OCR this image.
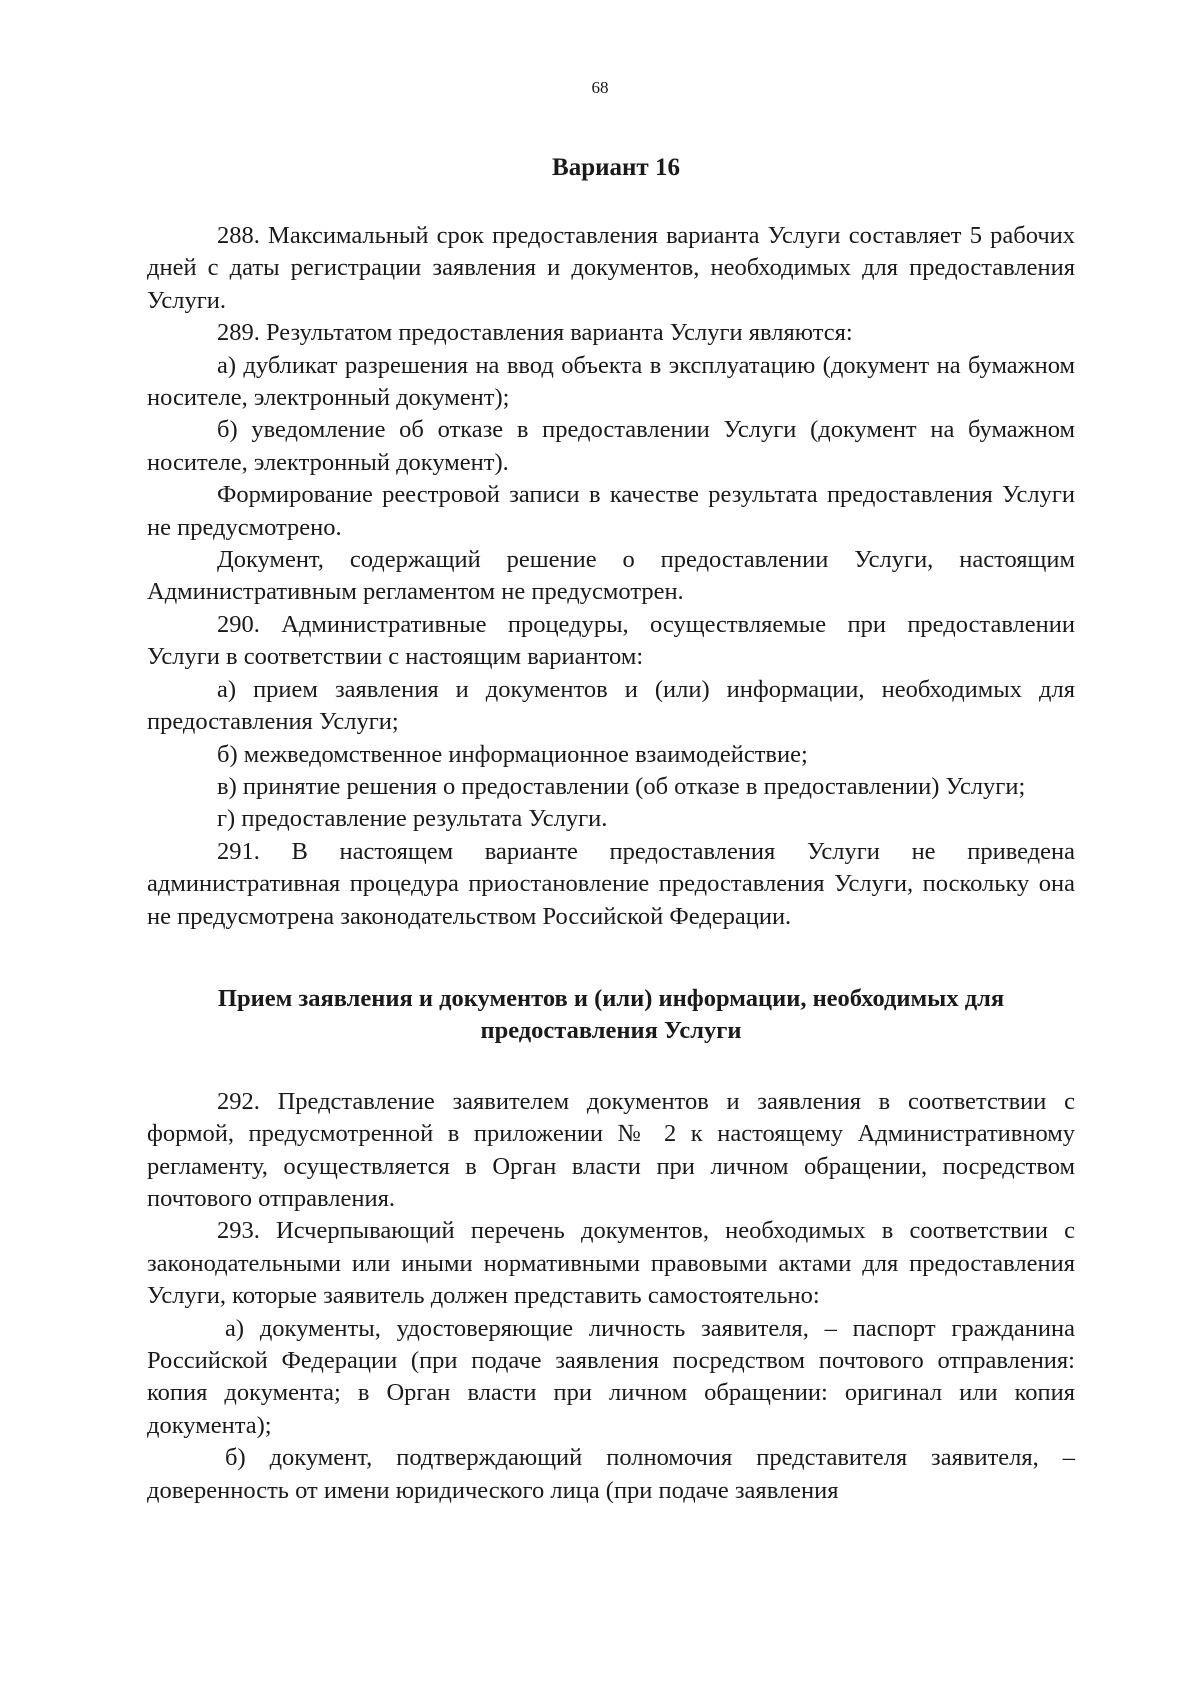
68
Вариант 16

288. Максимальный срок предоставления варианта Услуги составляет 5 рабочих дней с даты регистрации заявления и документов, необходимых для предоставления Услуги.

289. Результатом предоставления варианта Услуги являются:

а) дубликат разрешения на ввод объекта в эксплуатацию (документ на бумажном носителе, электронный документ);

б) уведомление об отказе в предоставлении Услуги (документ на бумажном носителе, электронный документ).

Формирование реестровой записи в качестве результата предоставления Услуги не предусмотрено.

Документ, содержащий решение о предоставлении Услуги, настоящим Административным регламентом не предусмотрен.

290. Административные процедуры, осуществляемые при предоставлении Услуги в соответствии с настоящим вариантом:

а) прием заявления и документов и (или) информации, необходимых для предоставления Услуги;

б) межведомственное информационное взаимодействие;

в) принятие решения о предоставлении (об отказе в предоставлении) Услуги;

г) предоставление результата Услуги.

291. В настоящем варианте предоставления Услуги не приведена административная процедура приостановление предоставления Услуги, поскольку она не предусмотрена законодательством Российской Федерации.

Прием заявления и документов и (или) информации, необходимых для предоставления Услуги

292. Представление заявителем документов и заявления в соответствии с формой, предусмотренной в приложении № 2 к настоящему Административному регламенту, осуществляется в Орган власти при личном обращении, посредством почтового отправления.

293. Исчерпывающий перечень документов, необходимых в соответствии с законодательными или иными нормативными правовыми актами для предоставления Услуги, которые заявитель должен представить самостоятельно:

а) документы, удостоверяющие личность заявителя, – паспорт гражданина Российской Федерации (при подаче заявления посредством почтового отправления: копия документа; в Орган власти при личном обращении: оригинал или копия документа);

б) документ, подтверждающий полномочия представителя заявителя, – доверенность от имени юридического лица (при подаче заявления
